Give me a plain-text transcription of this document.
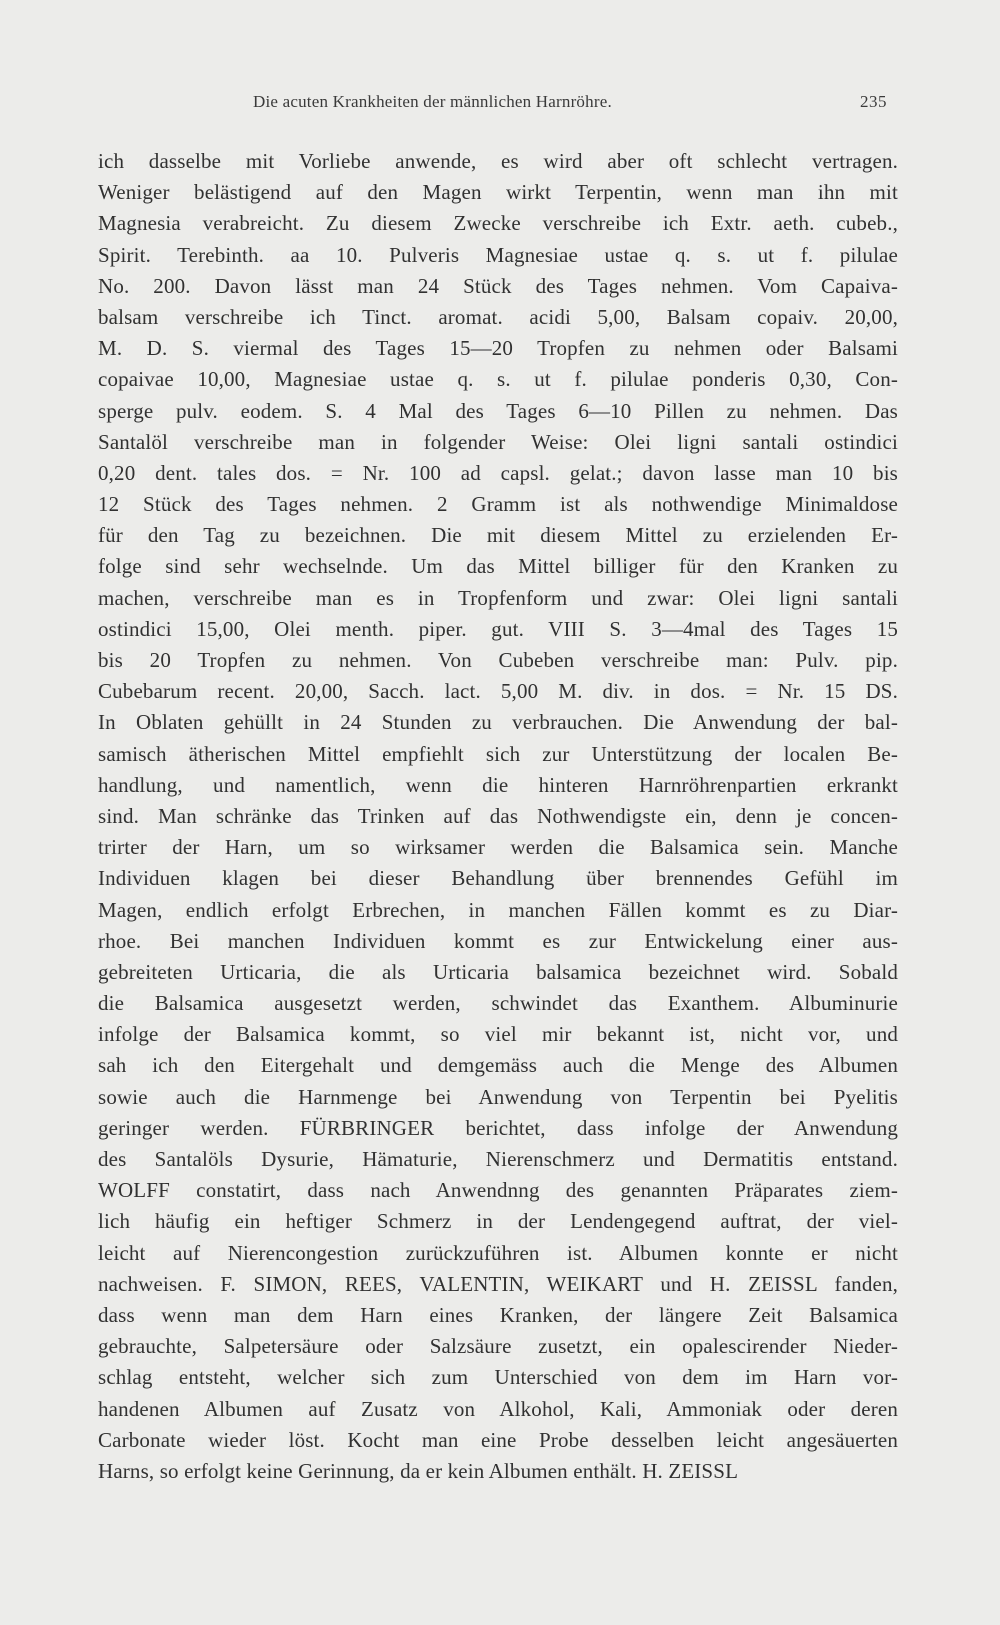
Die acuten Krankheiten der männlichen Harnröhre.	235
ich dasselbe mit Vorliebe anwende, es wird aber oft schlecht vertragen.
Weniger belästigend auf den Magen wirkt Terpentin, wenn man ihn mit
Magnesia verabreicht. Zu diesem Zwecke verschreibe ich Extr. aeth. cubeb.,
Spirit. Terebinth. aa 10. Pulveris Magnesiae ustae q. s. ut f. pilulae
No. 200. Davon lässt man 24 Stück des Tages nehmen. Vom Capaiva-
balsam verschreibe ich Tinct. aromat. acidi 5,00, Balsam copaiv. 20,00,
M. D. S. viermal des Tages 15—20 Tropfen zu nehmen oder Balsami
copaivae 10,00, Magnesiae ustae q. s. ut f. pilulae ponderis 0,30, Con-
sperge pulv. eodem. S. 4 Mal des Tages 6—10 Pillen zu nehmen. Das
Santalöl verschreibe man in folgender Weise: Olei ligni santali ostindici
0,20 dent. tales dos. = Nr. 100 ad capsl. gelat.; davon lasse man 10 bis
12 Stück des Tages nehmen. 2 Gramm ist als nothwendige Minimaldose
für den Tag zu bezeichnen. Die mit diesem Mittel zu erzielenden Er-
folge sind sehr wechselnde. Um das Mittel billiger für den Kranken zu
machen, verschreibe man es in Tropfenform und zwar: Olei ligni santali
ostindici 15,00, Olei menth. piper. gut. VIII S. 3—4mal des Tages 15
bis 20 Tropfen zu nehmen. Von Cubeben verschreibe man: Pulv. pip.
Cubebarum recent. 20,00, Sacch. lact. 5,00 M. div. in dos. = Nr. 15 DS.
In Oblaten gehüllt in 24 Stunden zu verbrauchen. Die Anwendung der bal-
samisch ätherischen Mittel empfiehlt sich zur Unterstützung der localen Be-
handlung, und namentlich, wenn die hinteren Harnröhrenpartien erkrankt
sind. Man schränke das Trinken auf das Nothwendigste ein, denn je concen-
trirter der Harn, um so wirksamer werden die Balsamica sein. Manche
Individuen klagen bei dieser Behandlung über brennendes Gefühl im
Magen, endlich erfolgt Erbrechen, in manchen Fällen kommt es zu Diar-
rhoe. Bei manchen Individuen kommt es zur Entwickelung einer aus-
gebreiteten Urticaria, die als Urticaria balsamica bezeichnet wird. Sobald
die Balsamica ausgesetzt werden, schwindet das Exanthem. Albuminurie
infolge der Balsamica kommt, so viel mir bekannt ist, nicht vor, und
sah ich den Eitergehalt und demgemäss auch die Menge des Albumen
sowie auch die Harnmenge bei Anwendung von Terpentin bei Pyelitis
geringer werden. FÜRBRINGER berichtet, dass infolge der Anwendung
des Santalöls Dysurie, Hämaturie, Nierenschmerz und Dermatitis entstand.
WOLFF constatirt, dass nach Anwendnng des genannten Präparates ziem-
lich häufig ein heftiger Schmerz in der Lendengegend auftrat, der viel-
leicht auf Nierencongestion zurückzuführen ist. Albumen konnte er nicht
nachweisen. F. SIMON, REES, VALENTIN, WEIKART und H. ZEISSL fanden,
dass wenn man dem Harn eines Kranken, der längere Zeit Balsamica
gebrauchte, Salpetersäure oder Salzsäure zusetzt, ein opalescirender Nieder-
schlag entsteht, welcher sich zum Unterschied von dem im Harn vor-
handenen Albumen auf Zusatz von Alkohol, Kali, Ammoniak oder deren
Carbonate wieder löst. Kocht man eine Probe desselben leicht angesäuerten
Harns, so erfolgt keine Gerinnung, da er kein Albumen enthält. H. ZEISSL
